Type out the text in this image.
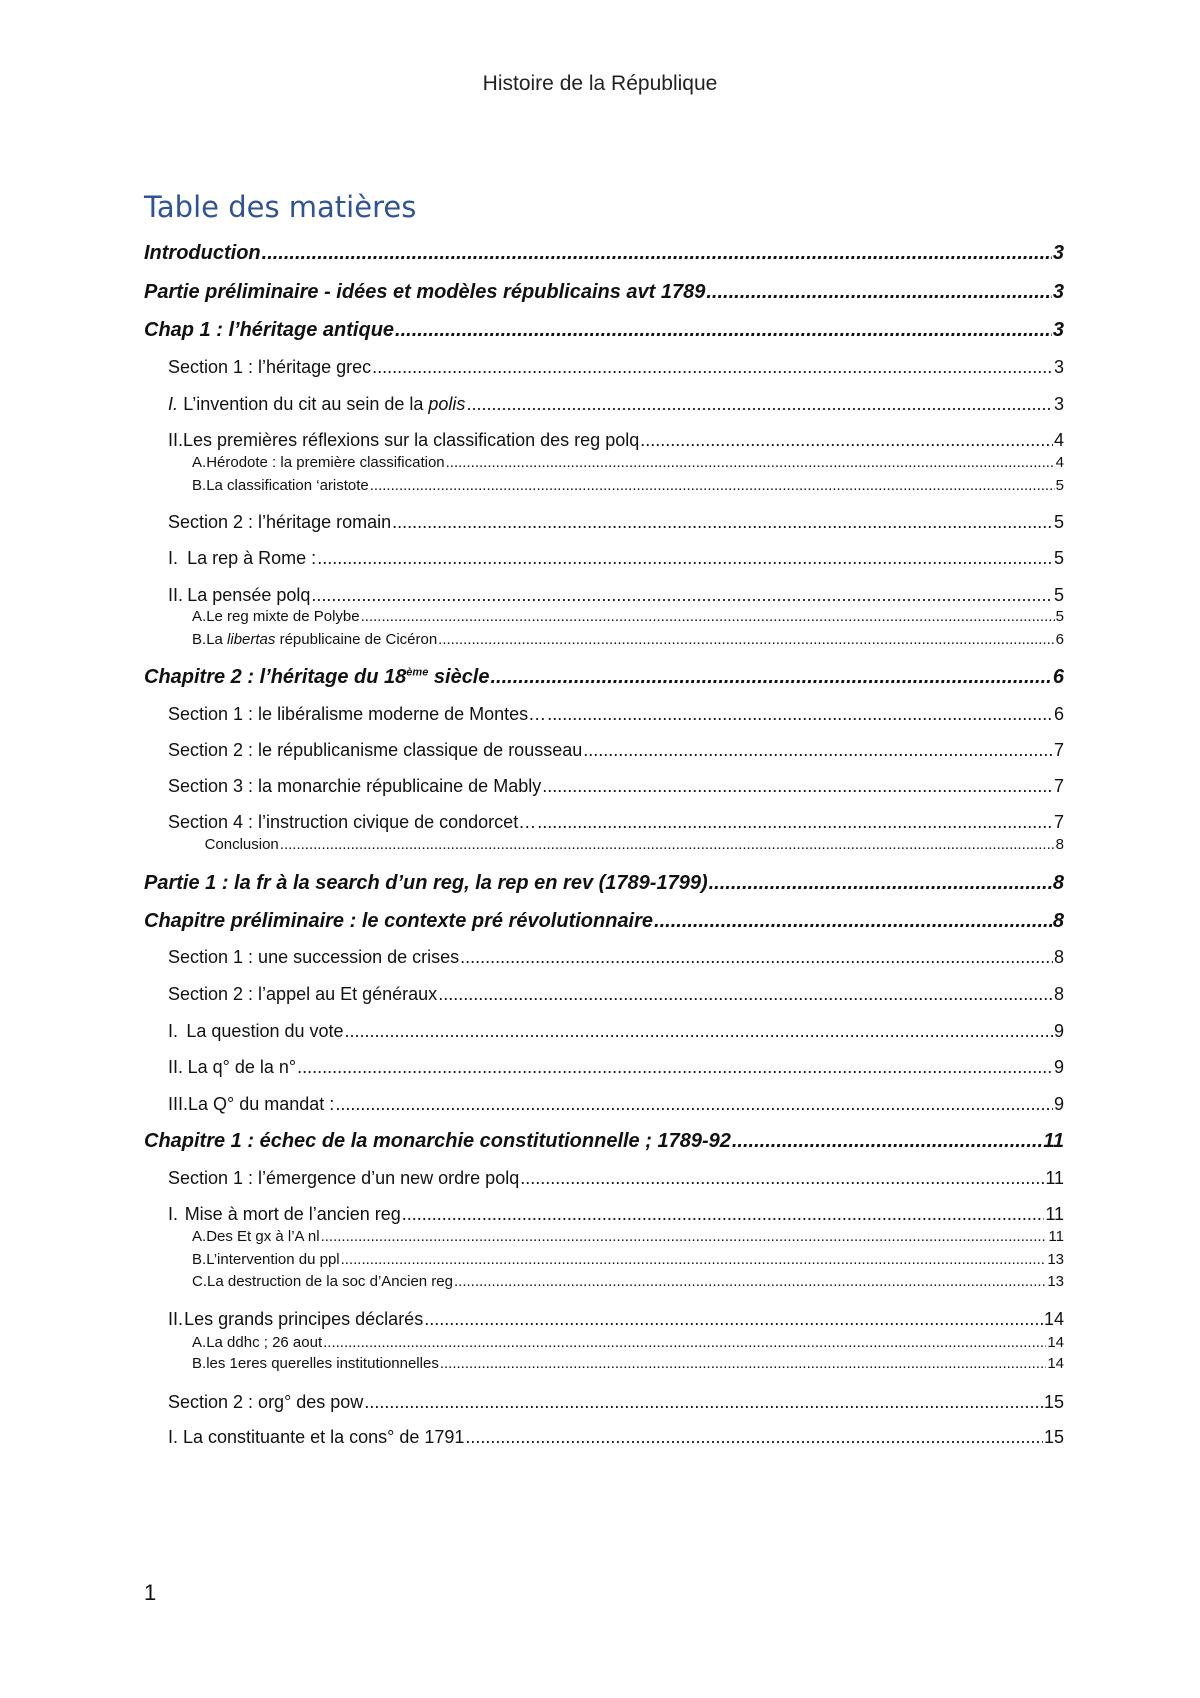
Histoire de la République
Table des matières
Introduction .....	3
Partie préliminaire - idées et modèles républicains avt 1789 .....	3
Chap 1 : l’héritage antique .....	3
Section 1 : l’héritage grec .....	3
I. L’invention du cit au sein de la polis .....	3
II. Les premières réflexions sur la classification des reg polq .....	4
A. Hérodote : la première classification .....	4
B. La classification ‘aristote .....	5
Section 2 : l’héritage romain .....	5
I. La rep à Rome : .....	5
II. La pensée polq .....	5
A. Le reg mixte de Polybe .....	5
B. La libertas républicaine de Cicéron .....	6
Chapitre 2 : l’héritage du 18ème siècle .....	6
Section 1 : le libéralisme moderne de Montes… .....	6
Section 2 : le républicanisme classique de rousseau .....	7
Section 3 : la monarchie républicaine de Mably .....	7
Section 4 : l’instruction civique de condorcet… .....	7
Conclusion .....	8
Partie 1 : la fr à la search d’un reg, la rep en rev (1789-1799) .....	8
Chapitre préliminaire : le contexte pré révolutionnaire .....	8
Section 1 : une succession de crises .....	8
Section 2 : l’appel au Et généraux .....	8
I. La question du vote .....	9
II. La q° de la n° .....	9
III. La Q° du mandat : .....	9
Chapitre 1 : échec de la monarchie constitutionnelle ; 1789-92 .....	11
Section 1 : l’émergence d’un new ordre polq .....	11
I. Mise à mort de l’ancien reg .....	11
A. Des Et gx à l’A nl .....	11
B. L’intervention du ppl .....	13
C. La destruction de la soc d’Ancien reg .....	13
II. Les grands principes déclarés .....	14
A. La ddhc ; 26 aout .....	14
B. les 1eres querelles institutionnelles .....	14
Section 2 : org° des pow .....	15
I. La constituante et la cons° de 1791 .....	15
1
